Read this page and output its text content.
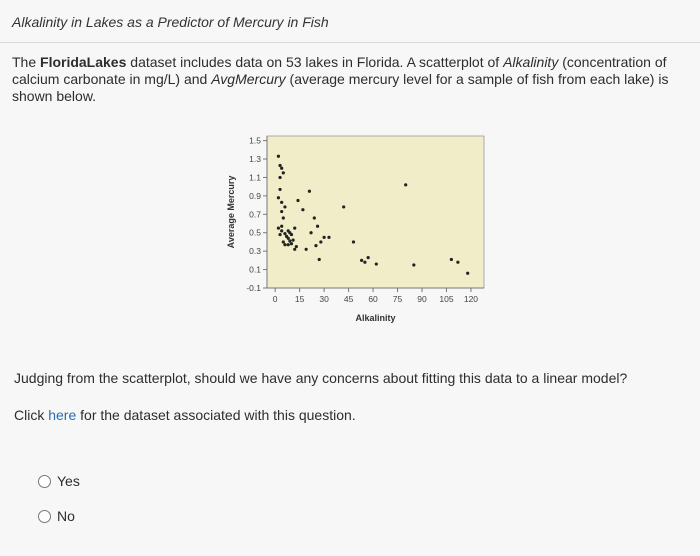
Alkalinity in Lakes as a Predictor of Mercury in Fish
The FloridaLakes dataset includes data on 53 lakes in Florida. A scatterplot of Alkalinity (concentration of calcium carbonate in mg/L) and AvgMercury (average mercury level for a sample of fish from each lake) is shown below.
-0.1
0.1
0.3
0.5
0.7
0.9
1.1
1.3
1.5
0 15 30 45 60 75 90 105 120
Alkalinity
Average Mercury
Judging from the scatterplot, should we have any concerns about fitting this data to a linear model?
Click here for the dataset associated with this question.
Yes
No
